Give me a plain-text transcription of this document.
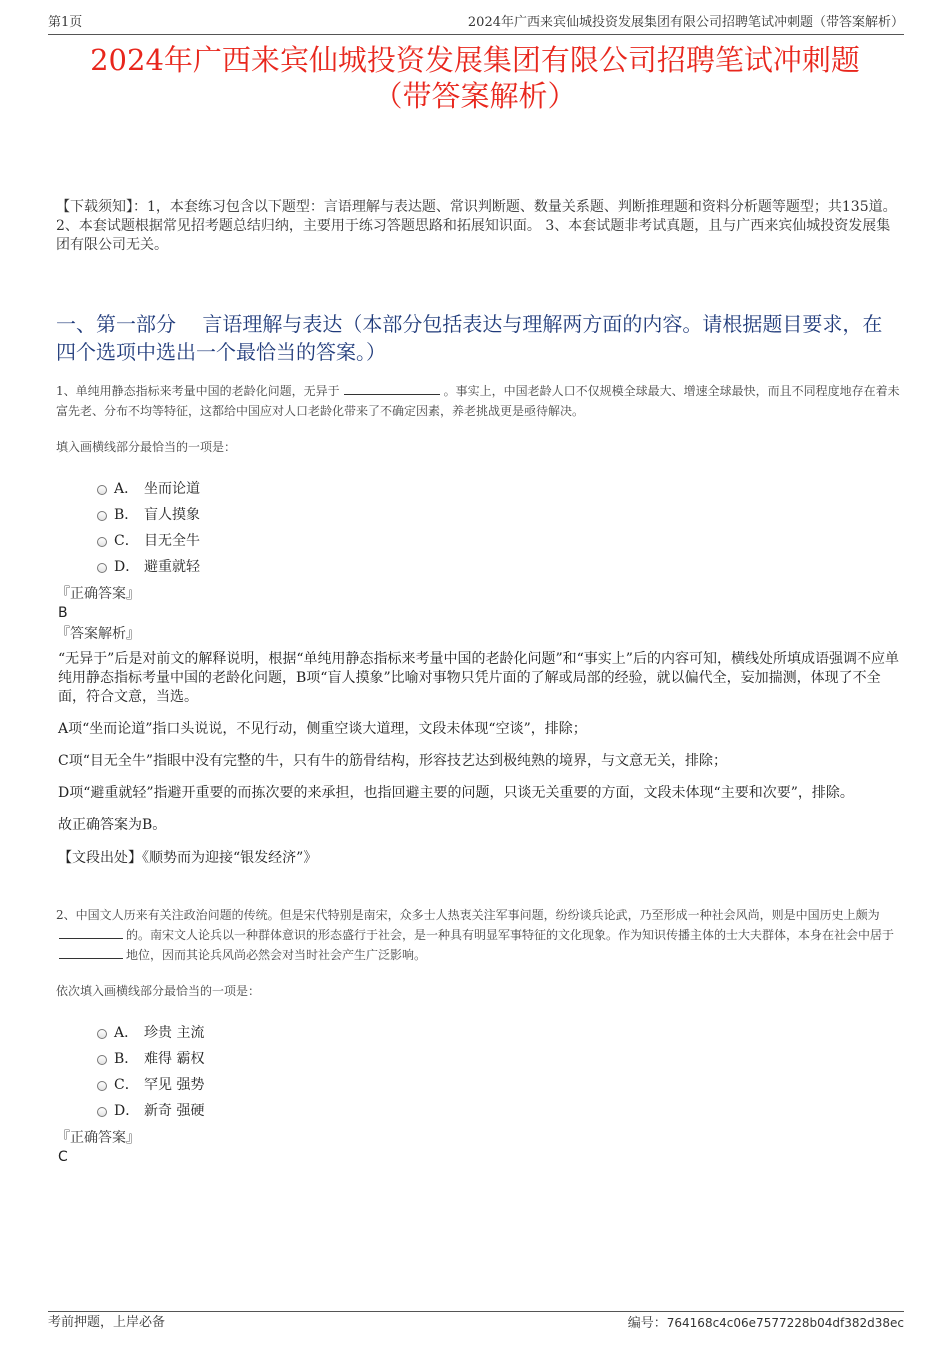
第1页	2024年广西来宾仙城投资发展集团有限公司招聘笔试冲刺题（带答案解析）
2024年广西来宾仙城投资发展集团有限公司招聘笔试冲刺题
（带答案解析）

【下载须知】：1，本套练习包含以下题型：言语理解与表达题、常识判断题、数量关系题、判断推理题和资料分析题等题型；共135道。 2、本套试题根据常见招考题总结归纳，主要用于练习答题思路和拓展知识面。 3、本套试题非考试真题，且与广西来宾仙城投资发展集团有限公司无关。

一、第一部分　 言语理解与表达（本部分包括表达与理解两方面的内容。请根据题目要求，在四个选项中选出一个最恰当的答案。）

1、单纯用静态指标来考量中国的老龄化问题，无异于	。事实上，中国老龄人口不仅规模全球最大、增速全球最快，而且不同程度地存在着未富先老、分布不均等特征，这都给中国应对人口老龄化带来了不确定因素，养老挑战更是亟待解决。

填入画横线部分最恰当的一项是：

A． 坐而论道
B． 盲人摸象
C． 目无全牛
D． 避重就轻

『正确答案』

B

『答案解析』

“无异于”后是对前文的解释说明，根据“单纯用静态指标来考量中国的老龄化问题”和“事实上”后的内容可知，横线处所填成语强调不应单纯用静态指标考量中国的老龄化问题，B项“盲人摸象”比喻对事物只凭片面的了解或局部的经验，就以偏代全，妄加揣测，体现了不全面，符合文意，当选。

A项“坐而论道”指口头说说，不见行动，侧重空谈大道理，文段未体现“空谈”，排除；

C项“目无全牛”指眼中没有完整的牛，只有牛的筋骨结构，形容技艺达到极纯熟的境界，与文意无关，排除；

D项“避重就轻”指避开重要的而拣次要的来承担，也指回避主要的问题，只谈无关重要的方面，文段未体现“主要和次要”，排除。

故正确答案为B。

【文段出处】《顺势而为迎接“银发经济”》

2、中国文人历来有关注政治问题的传统。但是宋代特别是南宋，众多士人热衷关注军事问题，纷纷谈兵论武，乃至形成一种社会风尚，则是中国历史上颇为的。南宋文人论兵以一种群体意识的形态盛行于社会，是一种具有明显军事特征的文化现象。作为知识传播主体的士大夫群体，本身在社会中居于地位，因而其论兵风尚必然会对当时社会产生广泛影响。

依次填入画横线部分最恰当的一项是：

A． 珍贵 主流
B． 难得 霸权
C． 罕见 强势
D． 新奇 强硬

『正确答案』

C

考前押题，上岸必备	编号：764168c4c06e7577228b04df382d38ec
